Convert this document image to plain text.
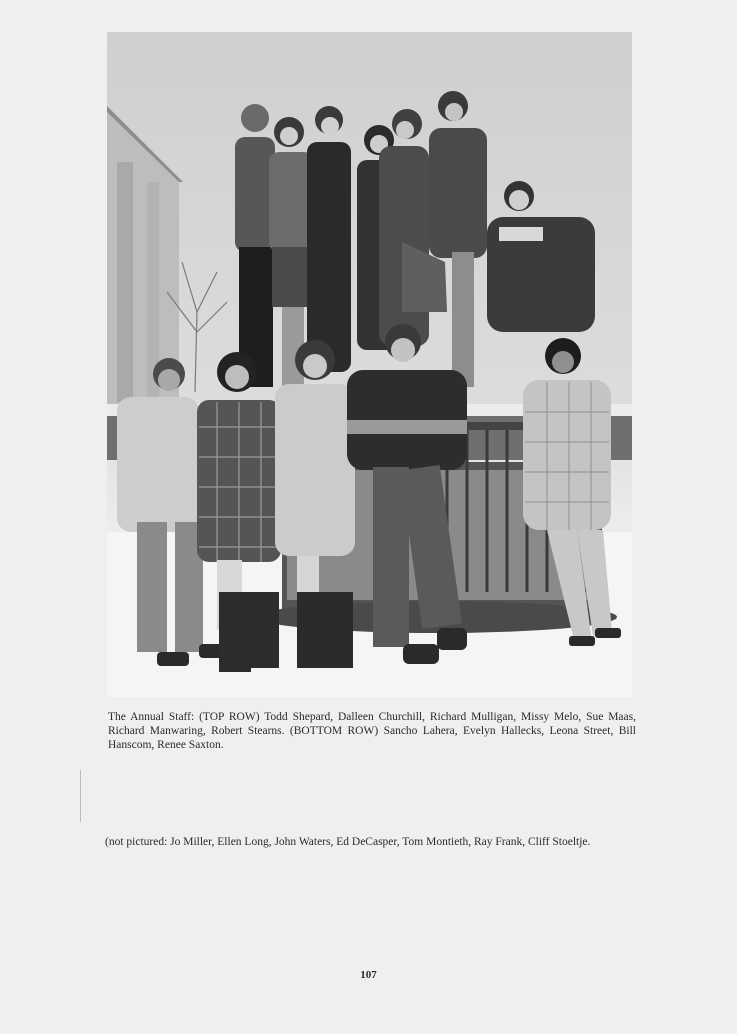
The Annual Staff: (TOP ROW) Todd Shepard, Dalleen Churchill, Richard Mulligan, Missy Melo, Sue Maas, Richard Manwaring, Robert Stearns. (BOTTOM ROW) Sancho Lahera, Evelyn Hallecks, Leona Street, Bill Hanscom, Renee Saxton.

(not pictured: Jo Miller, Ellen Long, John Waters, Ed DeCasper, Tom Montieth, Ray Frank, Cliff Stoeltje.

107
